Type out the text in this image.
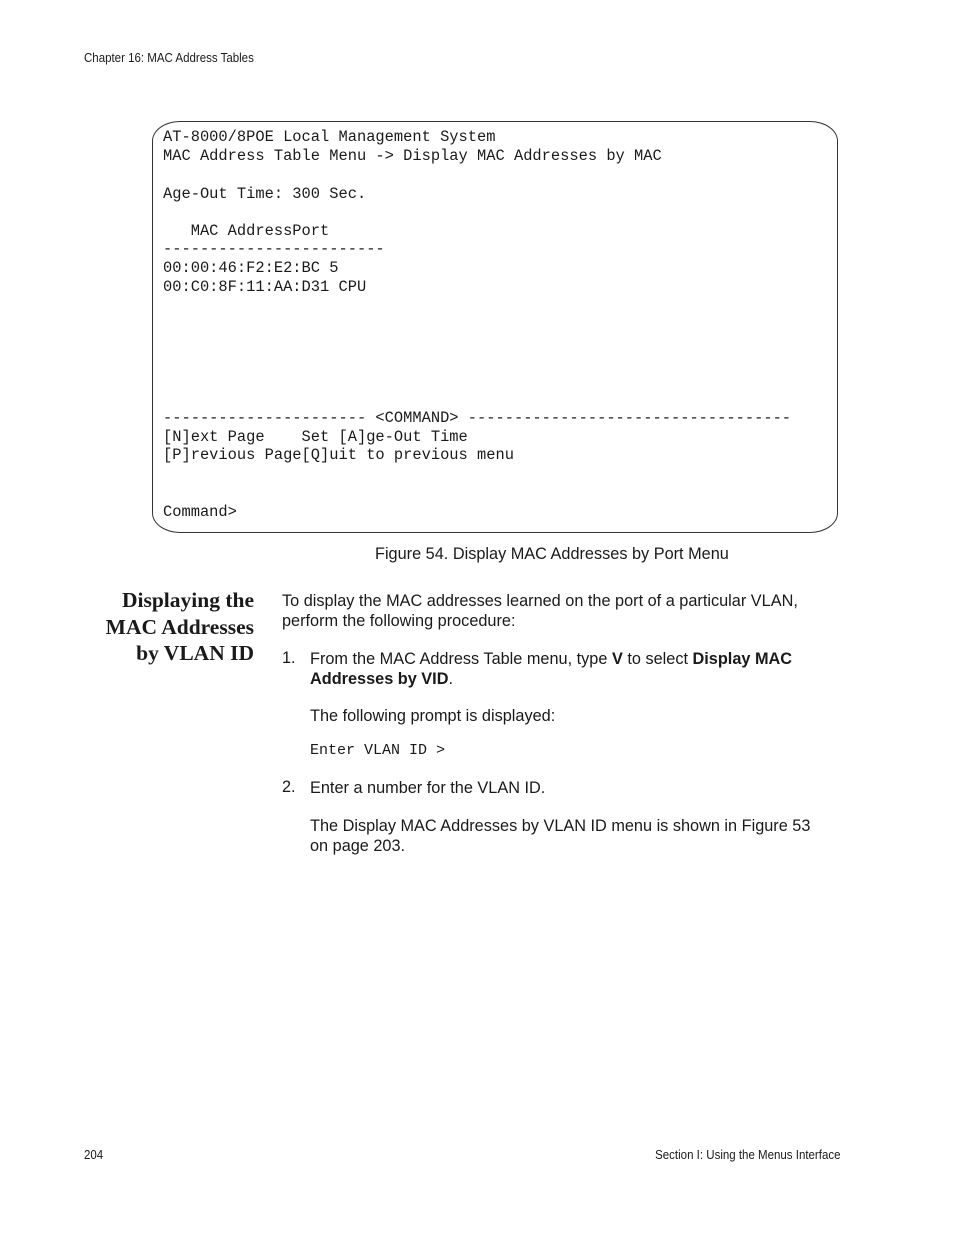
Chapter 16: MAC Address Tables
AT-8000/8POE Local Management System
MAC Address Table Menu -> Display MAC Addresses by MAC
Age-Out Time: 300 Sec.
MAC AddressPort
------------------------
00:00:46:F2:E2:BC 5
00:C0:8F:11:AA:D31 CPU
---------------------- <COMMAND> -----------------------------------
[N]ext Page    Set [A]ge-Out Time
[P]revious Page[Q]uit to previous menu
Command>
Figure 54. Display MAC Addresses by Port Menu
Displaying the
MAC Addresses
by VLAN ID
To display the MAC addresses learned on the port of a particular VLAN,
perform the following procedure:
1. From the MAC Address Table menu, type V to select Display MAC
Addresses by VID.
The following prompt is displayed:
Enter VLAN ID >
2. Enter a number for the VLAN ID.
The Display MAC Addresses by VLAN ID menu is shown in Figure 53
on page 203.
204	Section I: Using the Menus Interface
